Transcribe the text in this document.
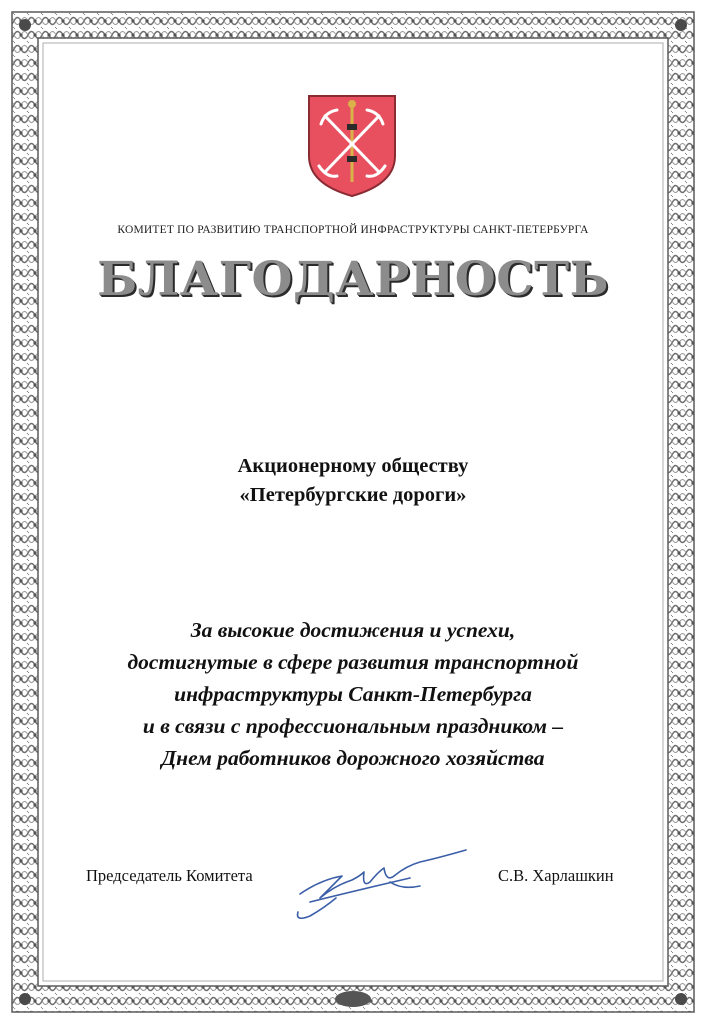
КОМИТЕТ ПО РАЗВИТИЮ ТРАНСПОРТНОЙ ИНФРАСТРУКТУРЫ САНКТ-ПЕТЕРБУРГА
БЛАГОДАРНОСТЬ
Акционерному обществу
«Петербургские дороги»
За высокие достижения и успехи,
достигнутые в сфере развития транспортной
инфраструктуры Санкт-Петербурга
и в связи с профессиональным праздником –
Днем работников дорожного хозяйства
Председатель Комитета	С.В. Харлашкин
